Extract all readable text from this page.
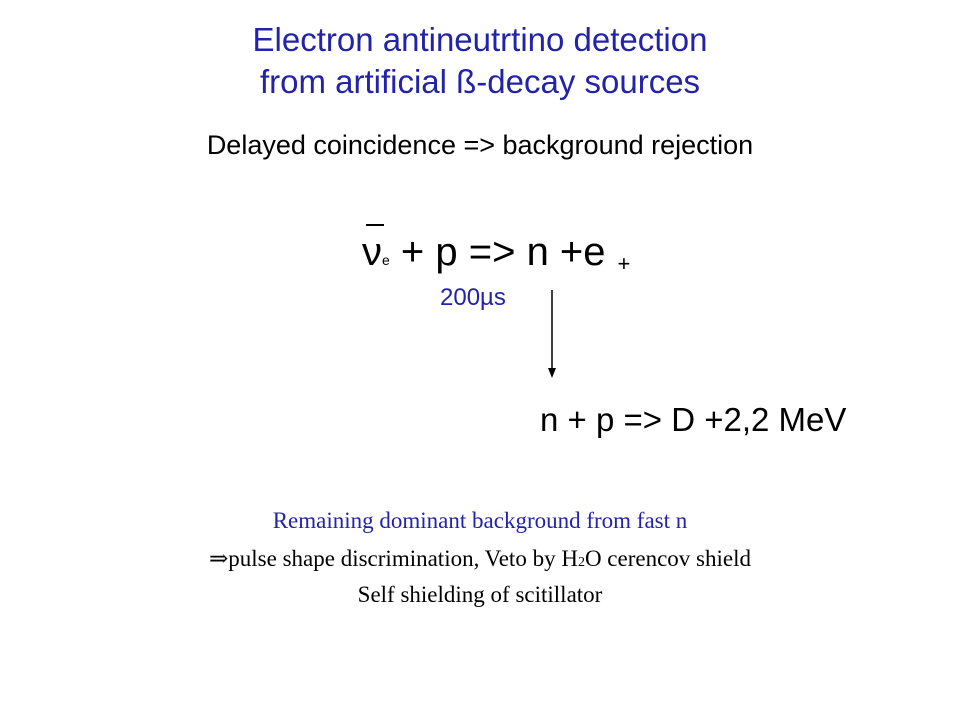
Electron antineutrtino detection
from artificial ß-decay sources
Delayed coincidence => background rejection
νe + p => n +e +
200µs
n + p => D +2,2 MeV
Remaining dominant background from fast n
⇒pulse shape discrimination, Veto by H2O cerencov shield
Self shielding of scitillator
